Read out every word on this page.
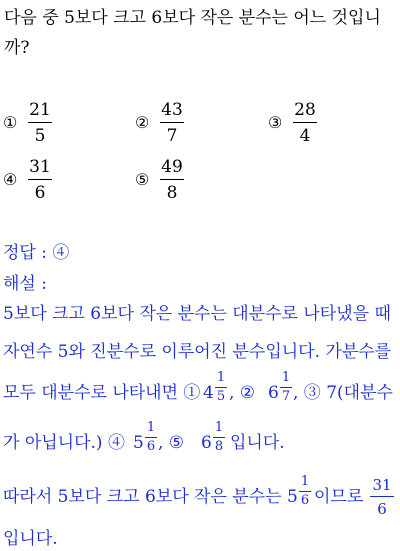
다음 중 5보다 크고 6보다 작은 분수는 어느 것입니
까?
①
21
5
②
43
7
③
28
4
④
31
6
⑤
49
8
정답 : ④
해설 :
5보다 크고 6보다 작은 분수는 대분수로 나타냈을 때
자연수 5와 진분수로 이루어진 분수입니다. 가분수를
모두 대분수로 나타내면 ① 4
1
5 , ② 6
1
7 , ③ 7(대분수
가 아닙니다.) ④ 5
1
6 , ⑤ 6
1
8 입니다.
따라서 5보다 크고 6보다 작은 분수는 5
1
6 이므로
31
6
입니다.
